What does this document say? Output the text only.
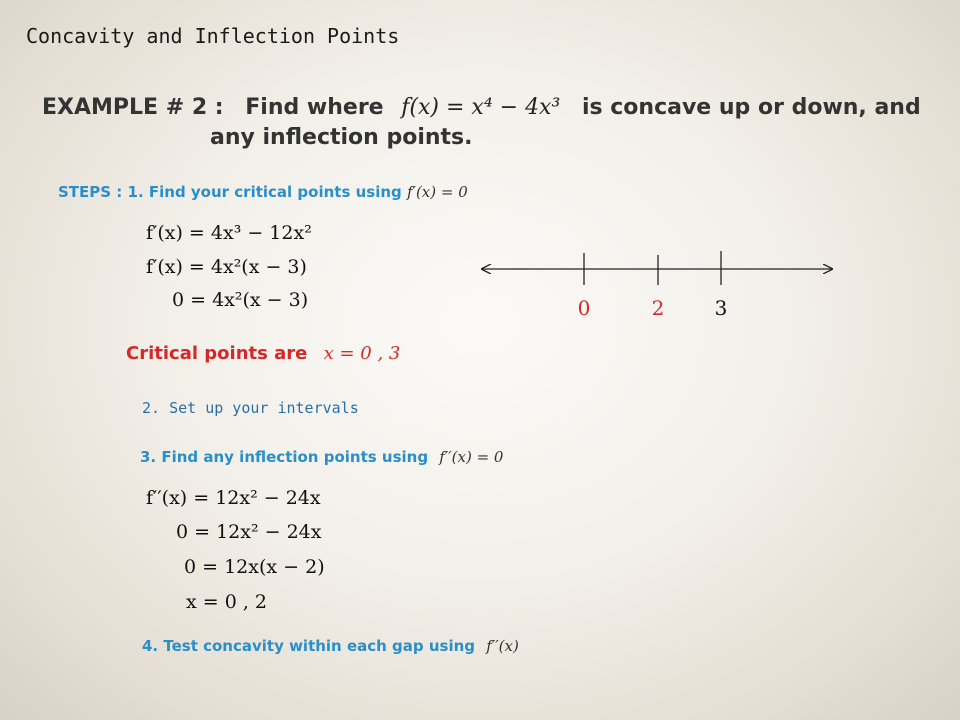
Concavity and Inflection Points
EXAMPLE # 2 : Find where f(x) = x⁴ − 4x³ is concave up or down, and
any inflection points.
STEPS : 1. Find your critical points using f′(x) = 0
f′(x) = 4x³ − 12x²
f′(x) = 4x²(x − 3)
0 = 4x²(x − 3)
Critical points are x = 0 , 3
0	2	3
2. Set up your intervals
3. Find any inflection points using f′′(x) = 0
f′′(x) = 12x² − 24x
0 = 12x² − 24x
0 = 12x(x − 2)
x = 0 , 2
4. Test concavity within each gap using f′′(x)
